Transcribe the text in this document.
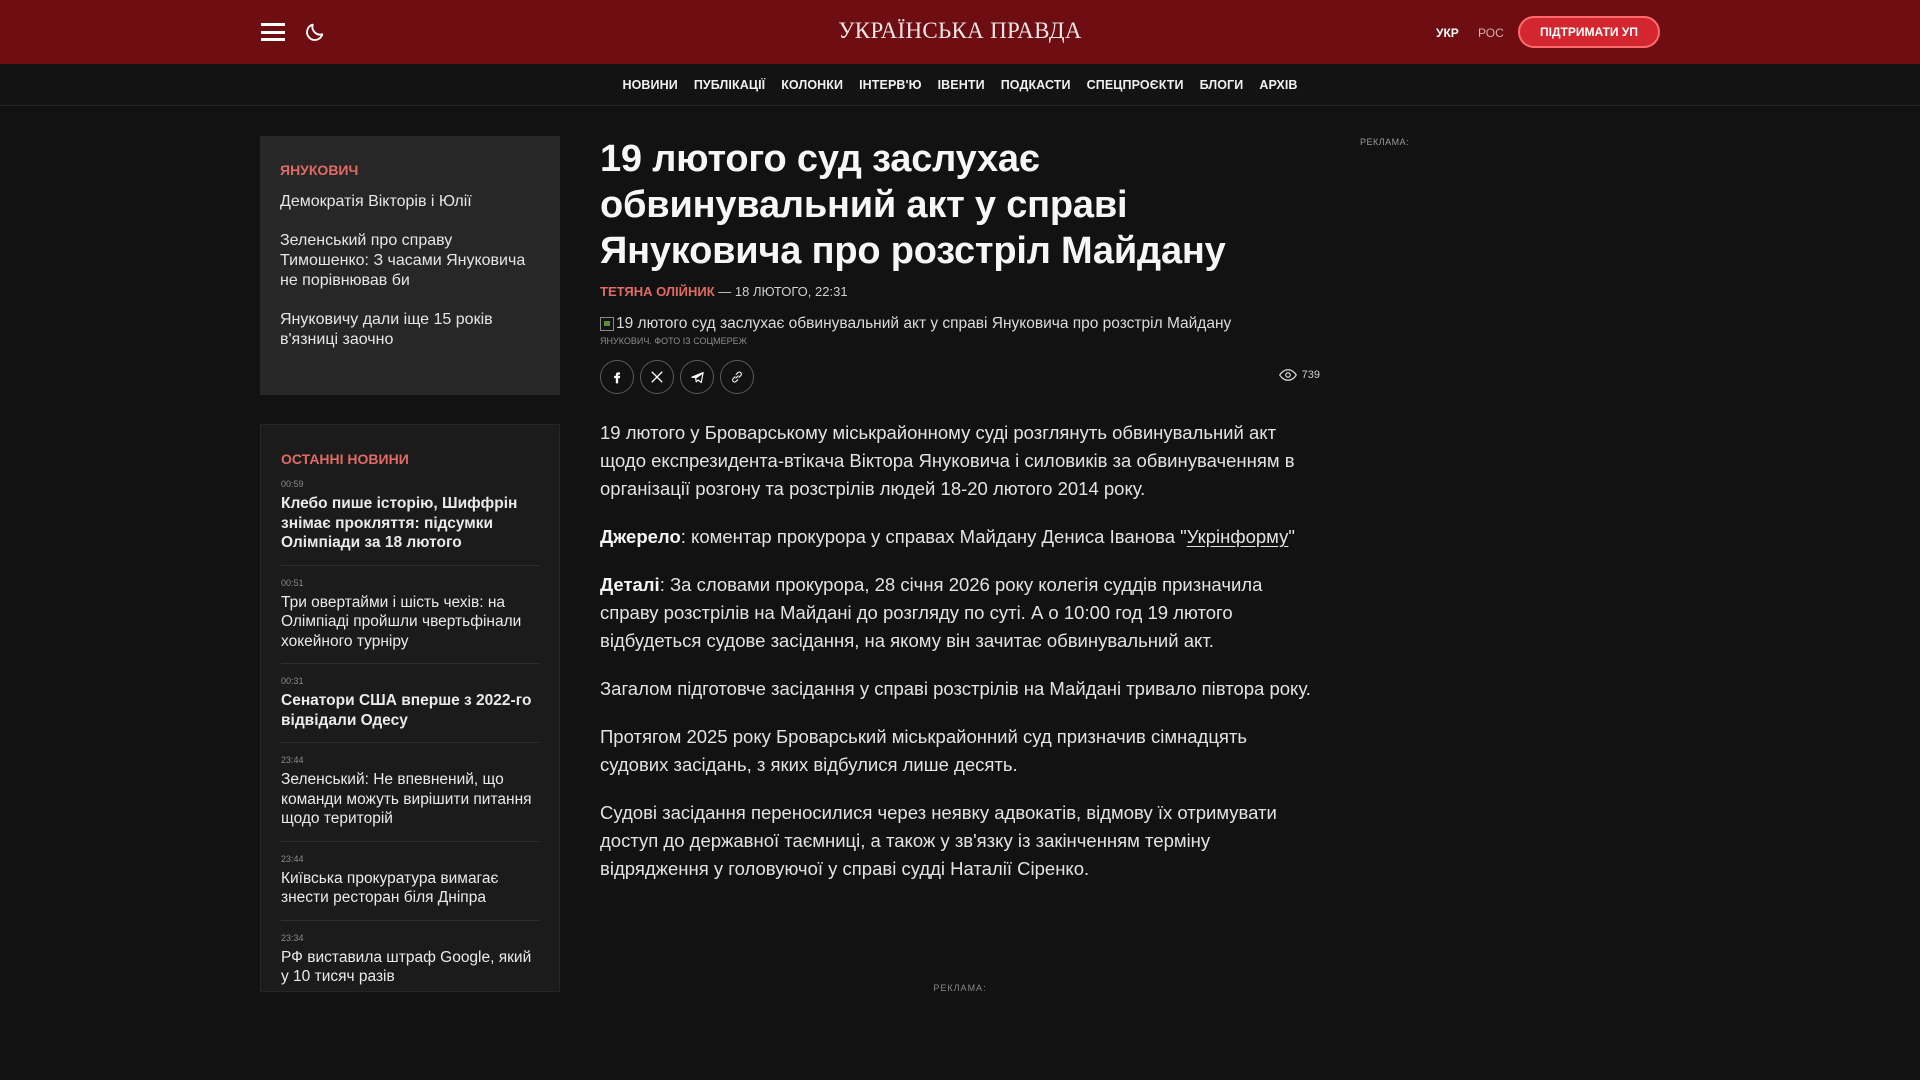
УКРАЇНСЬКА ПРАВДА	УКР РОС	ПІДТРИМАТИ УП
НОВИНИ ПУБЛІКАЦІЇ КОЛОНКИ ІНТЕРВ'Ю ІВЕНТИ ПОДКАСТИ СПЕЦПРОЄКТИ БЛОГИ АРХІВ
ЯНУКОВИЧ
Демократія Вікторів і Юлії
Зеленський про справу Тимошенко: З часами Януковича не порівнював би
Януковичу дали іще 15 років в'язниці заочно
ОСТАННІ НОВИНИ
00:59
Клебо пише історію, Шиффрін знімає прокляття: підсумки Олімпіади за 18 лютого
00:51
Три овертайми і шість чехів: на Олімпіаді пройшли чвертьфінали хокейного турніру
00:31
Сенатори США вперше з 2022-го відвідали Одесу
23:44
Зеленський: Не впевнений, що команди можуть вирішити питання щодо територій
23:44
Київська прокуратура вимагає знести ресторан біля Дніпра
23:34
РФ виставила штраф Google, який у 10 тисяч разів
19 лютого суд заслухає обвинувальний акт у справі Януковича про розстріл Майдану
ТЕТЯНА ОЛІЙНИК — 18 ЛЮТОГО, 22:31
19 лютого суд заслухає обвинувальний акт у справі Януковича про розстріл Майдану
ЯНУКОВИЧ. ФОТО ІЗ СОЦМЕРЕЖ
739

19 лютого у Броварському міськрайонному суді розглянуть обвинувальний акт щодо експрезидента-втікача Віктора Януковича і силовиків за обвинуваченням в організації розгону та розстрілів людей 18-20 лютого 2014 року.

Джерело: коментар прокурора у справах Майдану Дениса Іванова "Укрінформу"

Деталі: За словами прокурора, 28 січня 2026 року колегія суддів призначила справу розстрілів на Майдані до розгляду по суті. А о 10:00 год 19 лютого відбудеться судове засідання, на якому він зачитає обвинувальний акт.

Загалом підготовче засідання у справі розстрілів на Майдані тривало півтора року.

Протягом 2025 року Броварський міськрайонний суд призначив сімнадцять судових засідань, з яких відбулися лише десять.

Судові засідання переносилися через неявку адвокатів, відмову їх отримувати доступ до державної таємниці, а також у зв'язку із закінченням терміну відрядження у головуючої у справі судді Наталії Сіренко.

РЕКЛАМА:
РЕКЛАМА:
